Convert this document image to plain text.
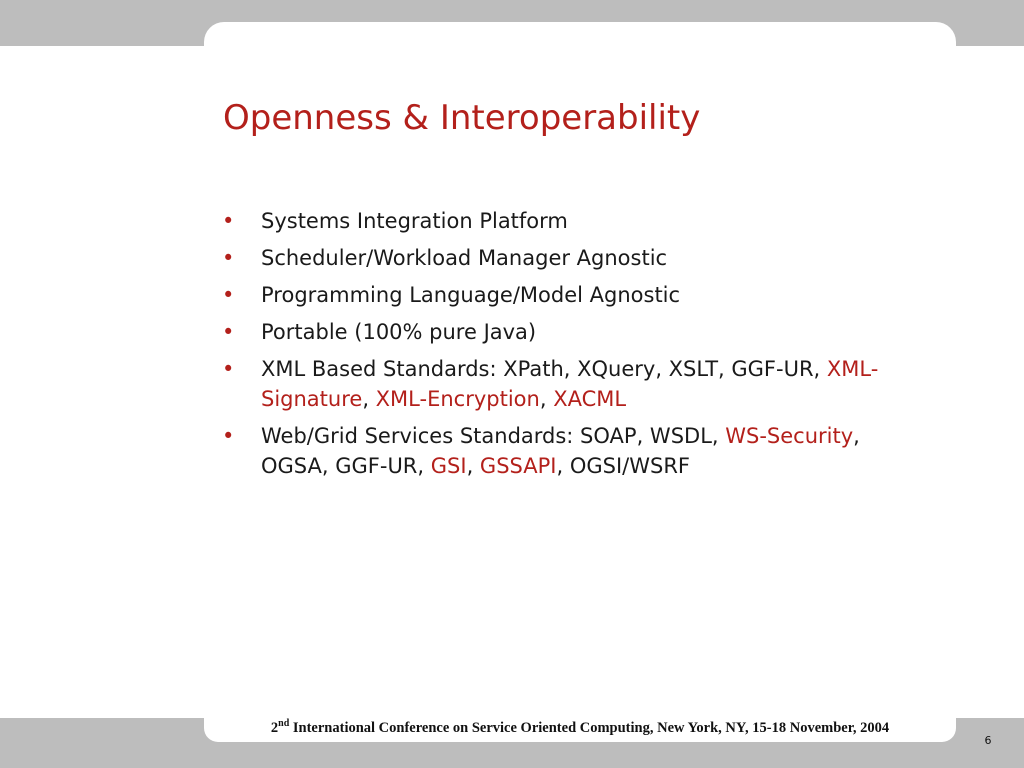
Openness & Interoperability
• Systems Integration Platform
• Scheduler/Workload Manager Agnostic
• Programming Language/Model Agnostic
• Portable (100% pure Java)
• XML Based Standards: XPath, XQuery, XSLT, GGF-UR, XML-Signature, XML-Encryption, XACML
• Web/Grid Services Standards: SOAP, WSDL, WS-Security, OGSA, GGF-UR, GSI, GSSAPI, OGSI/WSRF
2nd International Conference on Service Oriented Computing, New York, NY, 15-18 November, 2004
6
